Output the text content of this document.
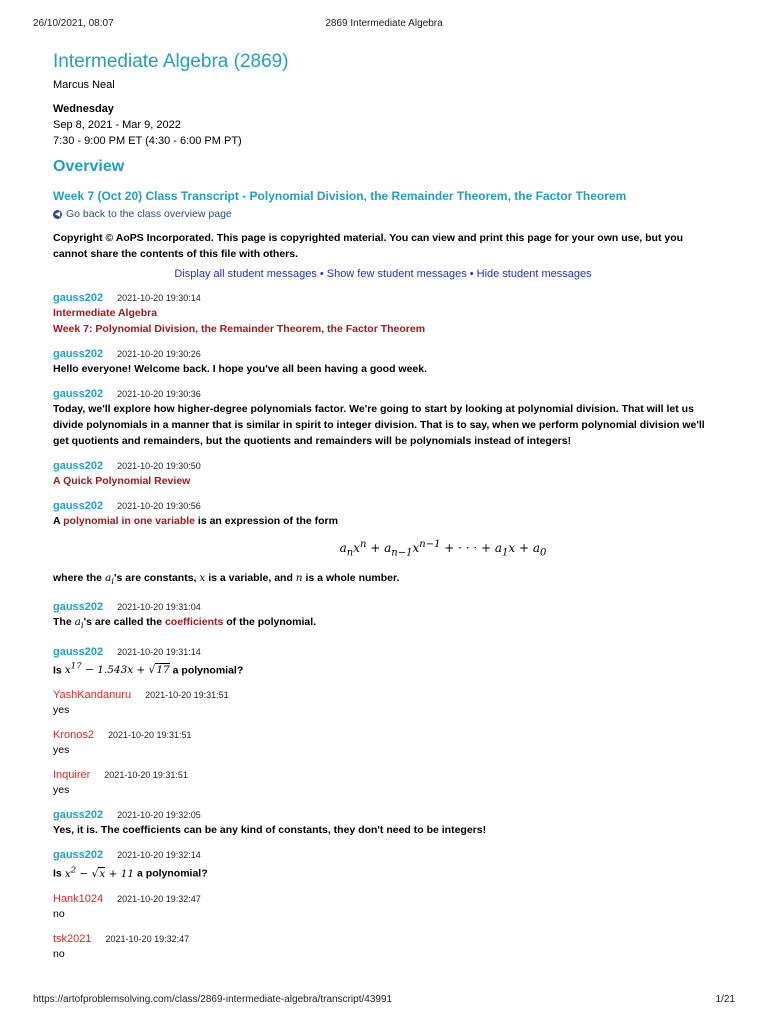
26/10/2021, 08:07	2869 Intermediate Algebra
Intermediate Algebra (2869)
Marcus Neal
Wednesday
Sep 8, 2021 - Mar 9, 2022
7:30 - 9:00 PM ET (4:30 - 6:00 PM PT)
Overview
Week 7 (Oct 20) Class Transcript - Polynomial Division, the Remainder Theorem, the Factor Theorem
◀ Go back to the class overview page
Copyright © AoPS Incorporated. This page is copyrighted material. You can view and print this page for your own use, but you cannot share the contents of this file with others.
Display all student messages • Show few student messages • Hide student messages
gauss202 2021-10-20 19:30:14
Intermediate Algebra
Week 7: Polynomial Division, the Remainder Theorem, the Factor Theorem
gauss202 2021-10-20 19:30:26
Hello everyone! Welcome back. I hope you've all been having a good week.
gauss202 2021-10-20 19:30:36
Today, we'll explore how higher-degree polynomials factor. We're going to start by looking at polynomial division. That will let us divide polynomials in a manner that is similar in spirit to integer division. That is to say, when we perform polynomial division we'll get quotients and remainders, but the quotients and remainders will be polynomials instead of integers!
gauss202 2021-10-20 19:30:50
A Quick Polynomial Review
gauss202 2021-10-20 19:30:56
A polynomial in one variable is an expression of the form
$a_nx^n + a_{n-1}x^{n-1}$ + · · · + $a_1x + a_0$
where the $a_i's$ are constants, x is a variable, and n is a whole number.
gauss202 2021-10-20 19:31:04
The $a_i's$ are called the coefficients of the polynomial.
gauss202 2021-10-20 19:31:14
Is $x^{17} - 1.543x + √17$ a polynomial?
YashKandanuru 2021-10-20 19:31:51
yes
Kronos2 2021-10-20 19:31:51
yes
Inquirer 2021-10-20 19:31:51
yes
gauss202 2021-10-20 19:32:05
Yes, it is. The coefficients can be any kind of constants, they don't need to be integers!
gauss202 2021-10-20 19:32:14
Is $x^2 - √x + 11$ a polynomial?
Hank1024 2021-10-20 19:32:47
no
tsk2021 2021-10-20 19:32:47
no
https://artofproblemsolving.com/class/2869-intermediate-algebra/transcript/43991	1/21
